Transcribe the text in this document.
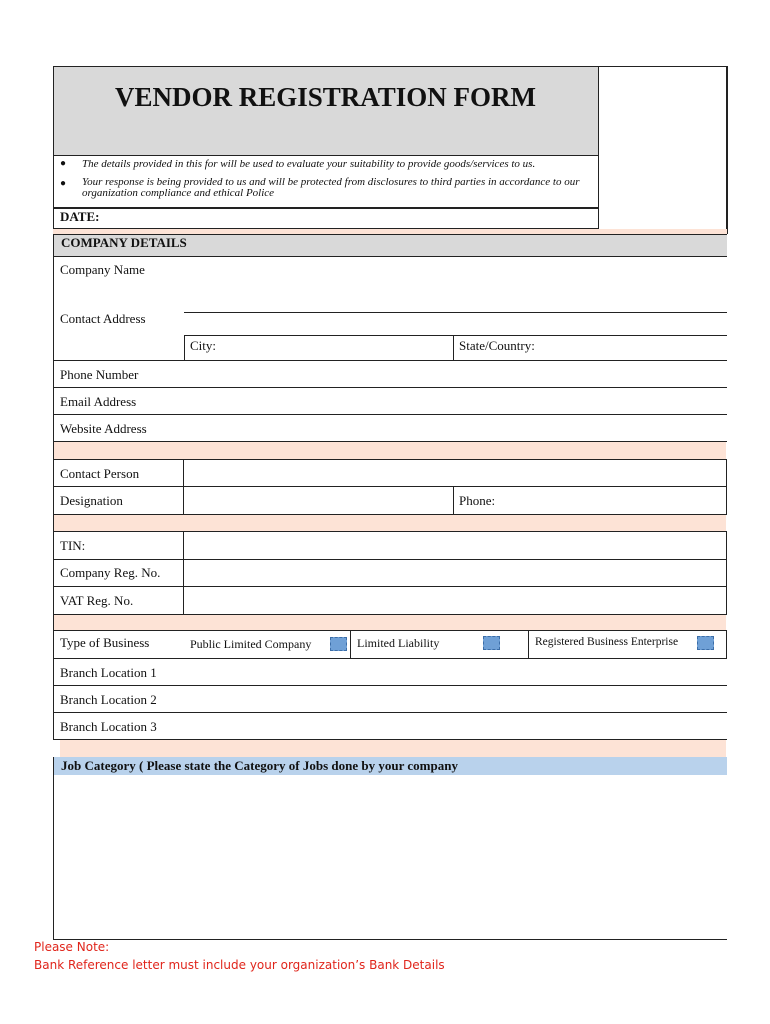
VENDOR REGISTRATION FORM
● The details provided in this for will be used to evaluate your suitability to provide goods/services to us.
● Your response is being provided to us and will be protected from disclosures to third parties in accordance to our organization compliance and ethical Police
DATE:
COMPANY DETAILS
Company Name
Contact Address
City:	State/Country:
Phone Number
Email Address
Website Address
Contact Person
Designation	Phone:
TIN:
Company Reg. No.
VAT Reg. No.
Type of Business	Public Limited Company	Limited Liability	Registered Business Enterprise
Branch Location 1
Branch Location 2
Branch Location 3
Job Category ( Please state the Category of Jobs done by your company
Please Note:
Bank Reference letter must include your organization’s Bank Details
